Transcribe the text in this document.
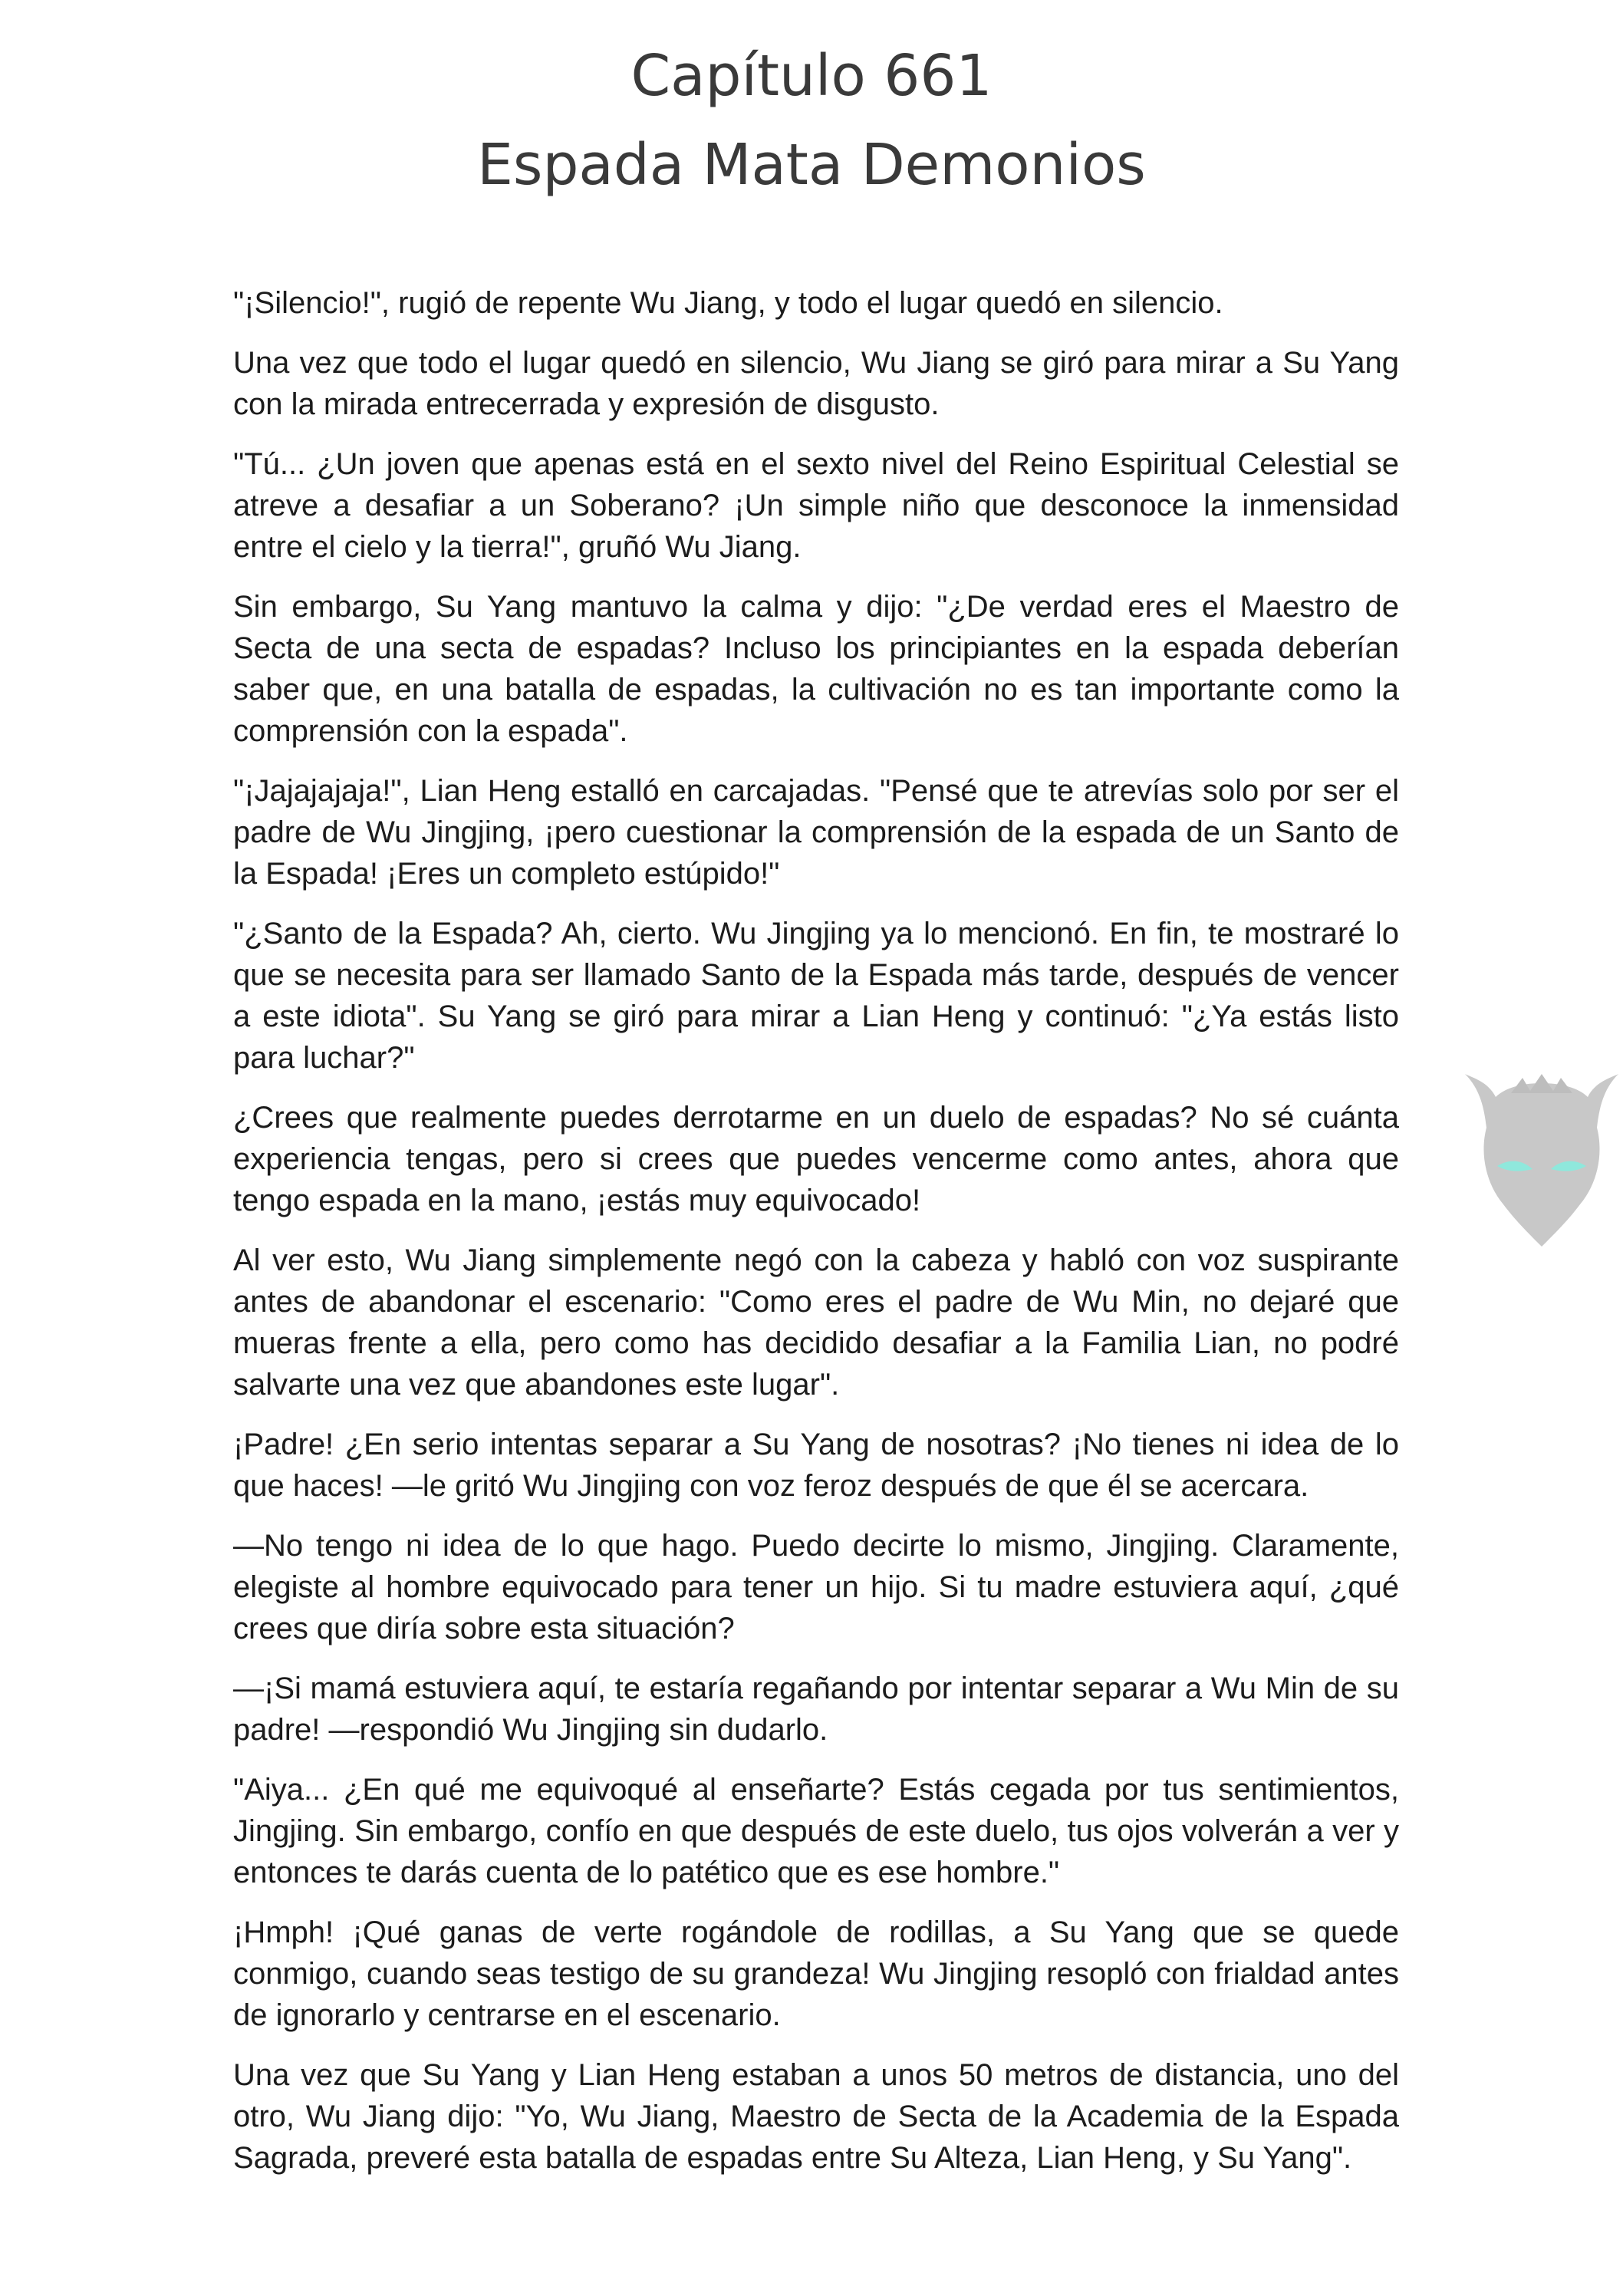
Capítulo 661
Espada Mata Demonios

"¡Silencio!", rugió de repente Wu Jiang, y todo el lugar quedó en silencio.

Una vez que todo el lugar quedó en silencio, Wu Jiang se giró para mirar a Su Yang con la mirada entrecerrada y expresión de disgusto.

"Tú... ¿Un joven que apenas está en el sexto nivel del Reino Espiritual Celestial se atreve a desafiar a un Soberano? ¡Un simple niño que desconoce la inmensidad entre el cielo y la tierra!", gruñó Wu Jiang.

Sin embargo, Su Yang mantuvo la calma y dijo: "¿De verdad eres el Maestro de Secta de una secta de espadas? Incluso los principiantes en la espada deberían saber que, en una batalla de espadas, la cultivación no es tan importante como la comprensión con la espada".

"¡Jajajajaja!", Lian Heng estalló en carcajadas. "Pensé que te atrevías solo por ser el padre de Wu Jingjing, ¡pero cuestionar la comprensión de la espada de un Santo de la Espada! ¡Eres un completo estúpido!"

"¿Santo de la Espada? Ah, cierto. Wu Jingjing ya lo mencionó. En fin, te mostraré lo que se necesita para ser llamado Santo de la Espada más tarde, después de vencer a este idiota". Su Yang se giró para mirar a Lian Heng y continuó: "¿Ya estás listo para luchar?"

¿Crees que realmente puedes derrotarme en un duelo de espadas? No sé cuánta experiencia tengas, pero si crees que puedes vencerme como antes, ahora que tengo espada en la mano, ¡estás muy equivocado!

Al ver esto, Wu Jiang simplemente negó con la cabeza y habló con voz suspirante antes de abandonar el escenario: "Como eres el padre de Wu Min, no dejaré que mueras frente a ella, pero como has decidido desafiar a la Familia Lian, no podré salvarte una vez que abandones este lugar".

¡Padre! ¿En serio intentas separar a Su Yang de nosotras? ¡No tienes ni idea de lo que haces! —le gritó Wu Jingjing con voz feroz después de que él se acercara.

—No tengo ni idea de lo que hago. Puedo decirte lo mismo, Jingjing. Claramente, elegiste al hombre equivocado para tener un hijo. Si tu madre estuviera aquí, ¿qué crees que diría sobre esta situación?

—¡Si mamá estuviera aquí, te estaría regañando por intentar separar a Wu Min de su padre! —respondió Wu Jingjing sin dudarlo.

"Aiya... ¿En qué me equivoqué al enseñarte? Estás cegada por tus sentimientos, Jingjing. Sin embargo, confío en que después de este duelo, tus ojos volverán a ver y entonces te darás cuenta de lo patético que es ese hombre."

¡Hmph! ¡Qué ganas de verte rogándole de rodillas, a Su Yang que se quede conmigo, cuando seas testigo de su grandeza! Wu Jingjing resopló con frialdad antes de ignorarlo y centrarse en el escenario.

Una vez que Su Yang y Lian Heng estaban a unos 50 metros de distancia, uno del otro, Wu Jiang dijo: "Yo, Wu Jiang, Maestro de Secta de la Academia de la Espada Sagrada, preveré esta batalla de espadas entre Su Alteza, Lian Heng, y Su Yang".
